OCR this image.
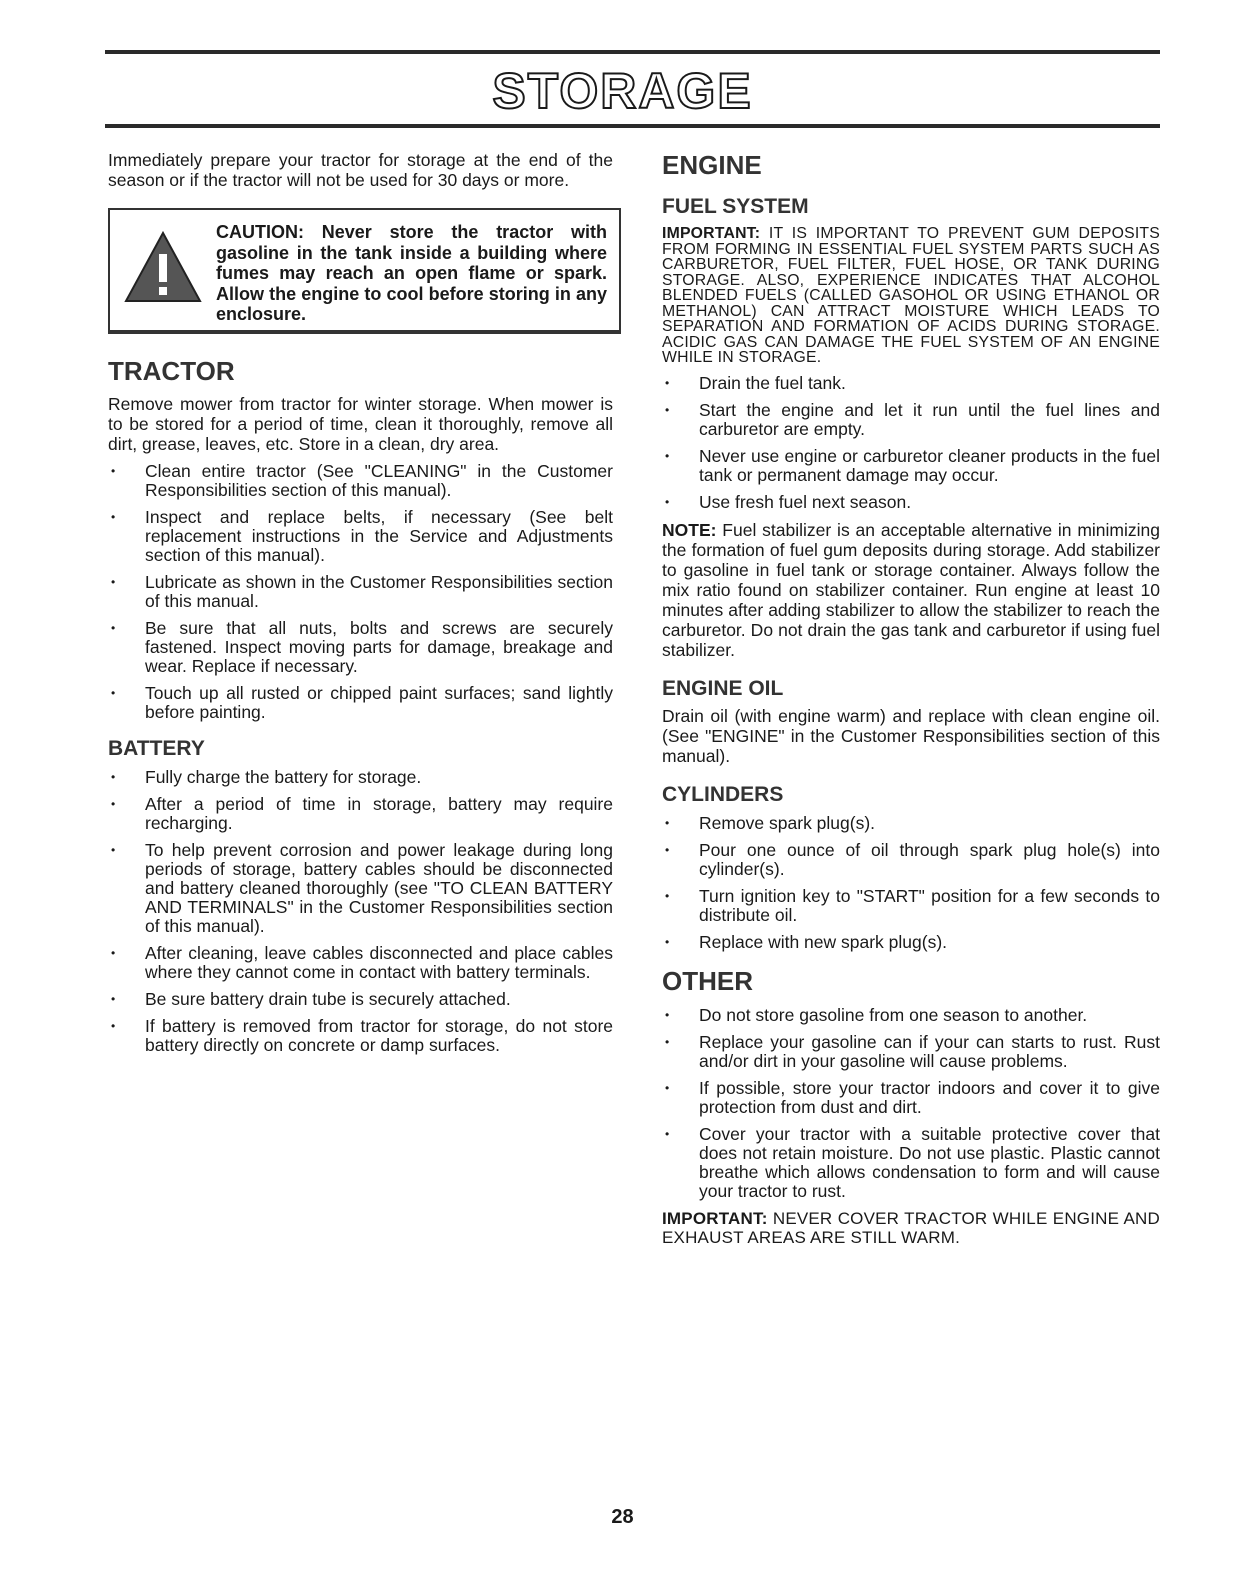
STORAGE

Immediately prepare your tractor for storage at the end of the season or if the tractor will not be used for 30 days or more.

CAUTION: Never store the tractor with gasoline in the tank inside a building where fumes may reach an open flame or spark. Allow the engine to cool before storing in any enclosure.
TRACTOR

Remove mower from tractor for winter storage. When mower is to be stored for a period of time, clean it thoroughly, remove all dirt, grease, leaves, etc. Store in a clean, dry area.

• Clean entire tractor (See "CLEANING" in the Customer Responsibilities section of this manual).
• Inspect and replace belts, if necessary (See belt replacement instructions in the Service and Adjustments section of this manual).
• Lubricate as shown in the Customer Responsibilities section of this manual.
• Be sure that all nuts, bolts and screws are securely fastened. Inspect moving parts for damage, breakage and wear. Replace if necessary.
• Touch up all rusted or chipped paint surfaces; sand lightly before painting.
BATTERY
• Fully charge the battery for storage.
• After a period of time in storage, battery may require recharging.
• To help prevent corrosion and power leakage during long periods of storage, battery cables should be disconnected and battery cleaned thoroughly (see "TO CLEAN BATTERY AND TERMINALS" in the Customer Responsibilities section of this manual).
• After cleaning, leave cables disconnected and place cables where they cannot come in contact with battery terminals.
• Be sure battery drain tube is securely attached.
• If battery is removed from tractor for storage, do not store battery directly on concrete or damp surfaces.
ENGINE
FUEL SYSTEM

IMPORTANT: IT IS IMPORTANT TO PREVENT GUM DEPOSITS FROM FORMING IN ESSENTIAL FUEL SYSTEM PARTS SUCH AS CARBURETOR, FUEL FILTER, FUEL HOSE, OR TANK DURING STORAGE. ALSO, EXPERIENCE INDICATES THAT ALCOHOL BLENDED FUELS (CALLED GASOHOL OR USING ETHANOL OR METHANOL) CAN ATTRACT MOISTURE WHICH LEADS TO SEPARATION AND FORMATION OF ACIDS DURING STORAGE. ACIDIC GAS CAN DAMAGE THE FUEL SYSTEM OF AN ENGINE WHILE IN STORAGE.

• Drain the fuel tank.
• Start the engine and let it run until the fuel lines and carburetor are empty.
• Never use engine or carburetor cleaner products in the fuel tank or permanent damage may occur.
• Use fresh fuel next season.

NOTE: Fuel stabilizer is an acceptable alternative in minimizing the formation of fuel gum deposits during storage. Add stabilizer to gasoline in fuel tank or storage container. Always follow the mix ratio found on stabilizer container. Run engine at least 10 minutes after adding stabilizer to allow the stabilizer to reach the carburetor. Do not drain the gas tank and carburetor if using fuel stabilizer.

ENGINE OIL

Drain oil (with engine warm) and replace with clean engine oil. (See "ENGINE" in the Customer Responsibilities section of this manual).

CYLINDERS
• Remove spark plug(s).
• Pour one ounce of oil through spark plug hole(s) into cylinder(s).
• Turn ignition key to "START" position for a few seconds to distribute oil.
• Replace with new spark plug(s).
OTHER
• Do not store gasoline from one season to another.
• Replace your gasoline can if your can starts to rust. Rust and/or dirt in your gasoline will cause problems.
• If possible, store your tractor indoors and cover it to give protection from dust and dirt.
• Cover your tractor with a suitable protective cover that does not retain moisture. Do not use plastic. Plastic cannot breathe which allows condensation to form and will cause your tractor to rust.

IMPORTANT: NEVER COVER TRACTOR WHILE ENGINE AND EXHAUST AREAS ARE STILL WARM.

28
